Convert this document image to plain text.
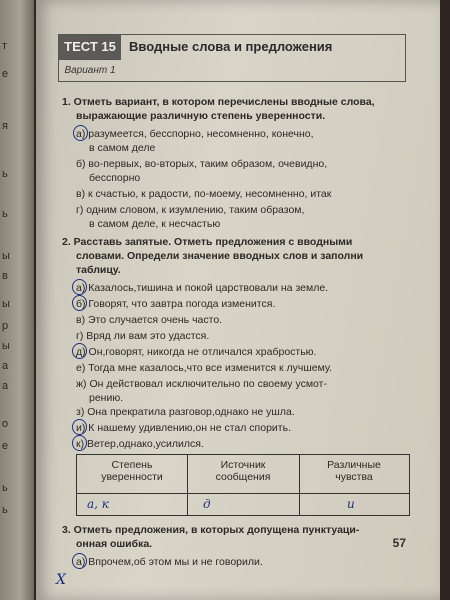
т
е
я
ь
ь
ы
в
ы
р
ы
а
а
о
е
ь
ь
ТЕСТ 15
Вариант 1
Вводные слова и предложения
1. Отметь вариант, в котором перечислены вводные слова,
выражающие различную степень уверенности.
а) разумеется, бесспорно, несомненно, конечно,
в самом деле
б) во-первых, во-вторых, таким образом, очевидно,
бесспорно
в) к счастью, к радости, по-моему, несомненно, итак
г) одним словом, к изумлению, таким образом,
в самом деле, к несчастью
2. Расставь запятые. Отметь предложения с вводными
словами. Определи значение вводных слов и заполни
таблицу.
а) Казалось,тишина и покой царствовали на земле.
б) Говорят, что завтра погода изменится.
в) Это случается очень часто.
г) Вряд ли вам это удастся.
д) Он,говорят, никогда не отличался храбростью.
е) Тогда мне казалось,что все изменится к лучшему.
ж) Он действовал исключительно по своему усмот-
рению.
з) Она прекратила разговор,однако не ушла.
и) К нашему удивлению,он не стал спорить.
к) Ветер,однако,усилился.
Степень
уверенности
Источник
сообщения
Различные
чувства
а, к	д	и
3. Отметь предложения, в которых допущена пунктуаци-
онная ошибка.
а) Впрочем,об этом мы и не говорили.
57
Х
